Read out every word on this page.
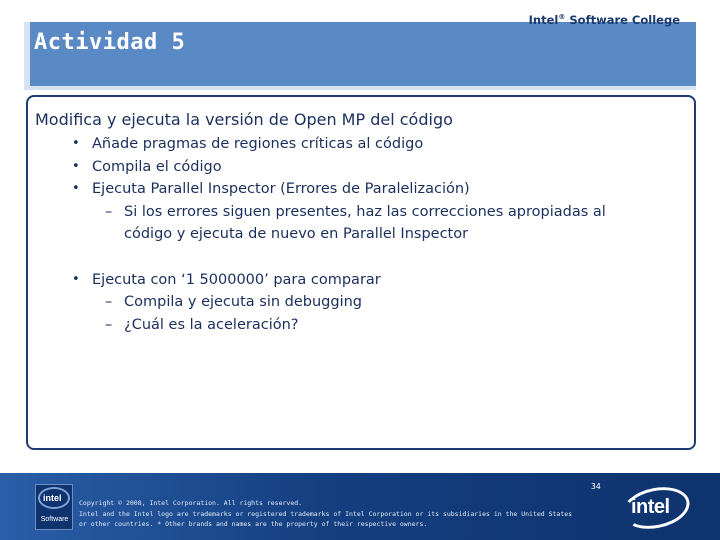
Intel® Software College
Actividad 5
Modifica y ejecuta la versión de Open MP del código
• Añade pragmas de regiones críticas al código
• Compila el código
• Ejecuta Parallel Inspector (Errores de Paralelización)
– Si los errores siguen presentes, haz las correcciones apropiadas al
código y ejecuta de nuevo en Parallel Inspector
• Ejecuta con ‘1 5000000’ para comparar
– Compila y ejecuta sin debugging
– ¿Cuál es la aceleración?
intel
Software
Copyright © 2008, Intel Corporation. All rights reserved.
Intel and the Intel logo are trademarks or registered trademarks of Intel Corporation or its subsidiaries in the United States
or other countries. * Other brands and names are the property of their respective owners.
34
intel
